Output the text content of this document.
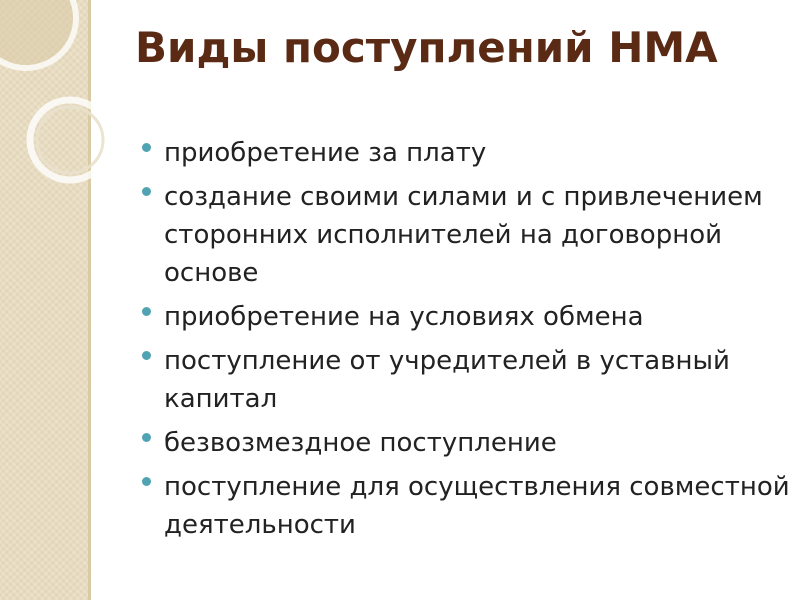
Виды поступлений НМА
приобретение за плату
создание своими силами и с привлечением сторонних исполнителей на договорной основе
приобретение на условиях обмена
поступление от учредителей в уставный капитал
безвозмездное поступление
поступление для осуществления совместной деятельности
